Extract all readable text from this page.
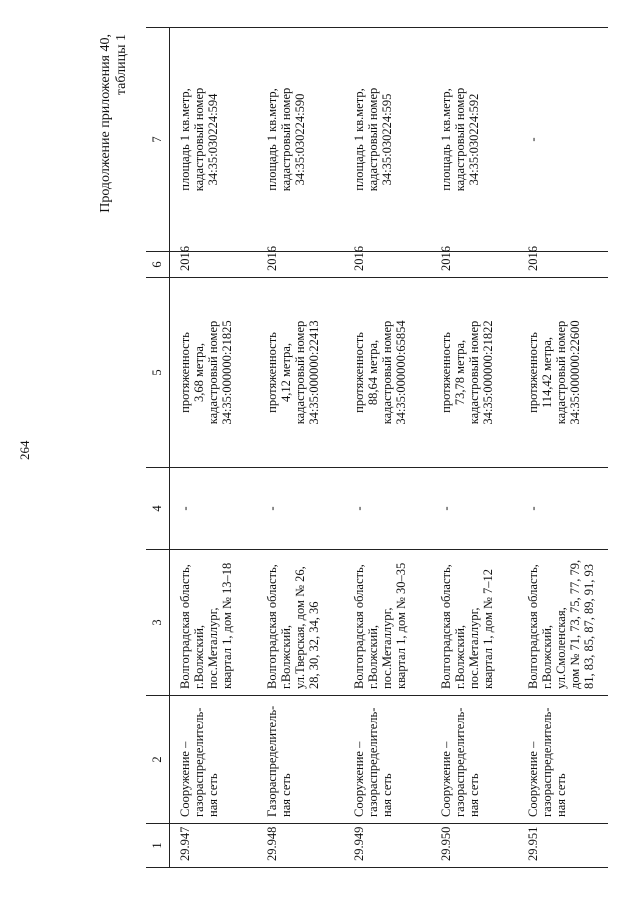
264
Продолжение приложения 40, таблицы 1
1	2	3	4	5	6	7
29.947	Сооружение – газораспределитель- ная сеть	Волгоградская область, г.Волжский, пос.Металлург, квартал 1, дом № 13–18	-	протяженность 3,68 метра, кадастровый номер 34:35:000000:21825	2016	площадь 1 кв.метр, кадастровый номер 34:35:030224:594

29.948	Газораспределитель- ная сеть	Волгоградская область, г.Волжский, ул.Тверская, дом № 26, 28, 30, 32, 34, 36	-	протяженность 4,12 метра, кадастровый номер 34:35:000000:22413	2016	площадь 1 кв.метр, кадастровый номер 34:35:030224:590

29.949	Сооружение – газораспределитель- ная сеть	Волгоградская область, г.Волжский, пос.Металлург, квартал 1, дом № 30–35	-	протяженность 88,64 метра, кадастровый номер 34:35:000000:65854	2016	площадь 1 кв.метр, кадастровый номер 34:35:030224:595

29.950	Сооружение – газораспределитель- ная сеть	Волгоградская область, г.Волжский, пос.Металлург, квартал 1, дом № 7–12	-	протяженность 73,78 метра, кадастровый номер 34:35:000000:21822	2016	площадь 1 кв.метр, кадастровый номер 34:35:030224:592

29.951	Сооружение – газораспределитель- ная сеть	Волгоградская область, г.Волжский, ул.Смоленская, дом № 71, 73, 75, 77, 79, 81, 83, 85, 87, 89, 91, 93	-	протяженность 114,42 метра, кадастровый номер 34:35:000000:22600	2016	-
